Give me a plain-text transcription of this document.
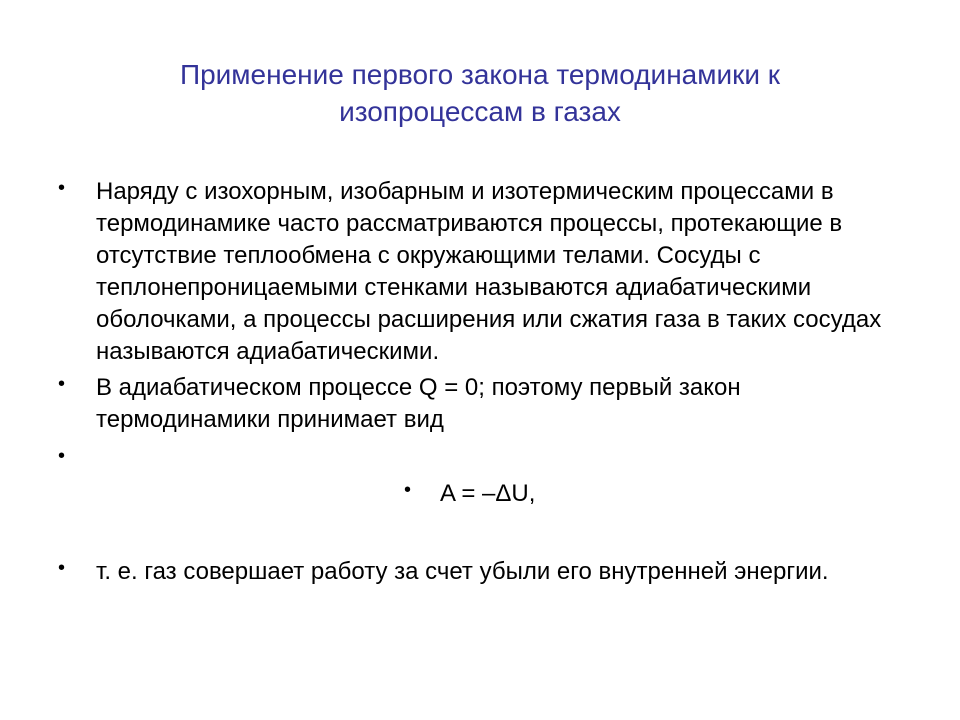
Применение первого закона термодинамики к изопроцессам в газах
• Наряду с изохорным, изобарным и изотермическим процессами в термодинамике часто рассматриваются процессы, протекающие в отсутствие теплообмена с окружающими телами. Сосуды с теплонепроницаемыми стенками называются адиабатическими оболочками, а процессы расширения или сжатия газа в таких сосудах называются адиабатическими.
• В адиабатическом процессе Q = 0; поэтому первый закон термодинамики принимает вид
•
• A = –ΔU,
• т. е. газ совершает работу за счет убыли его внутренней энергии.
